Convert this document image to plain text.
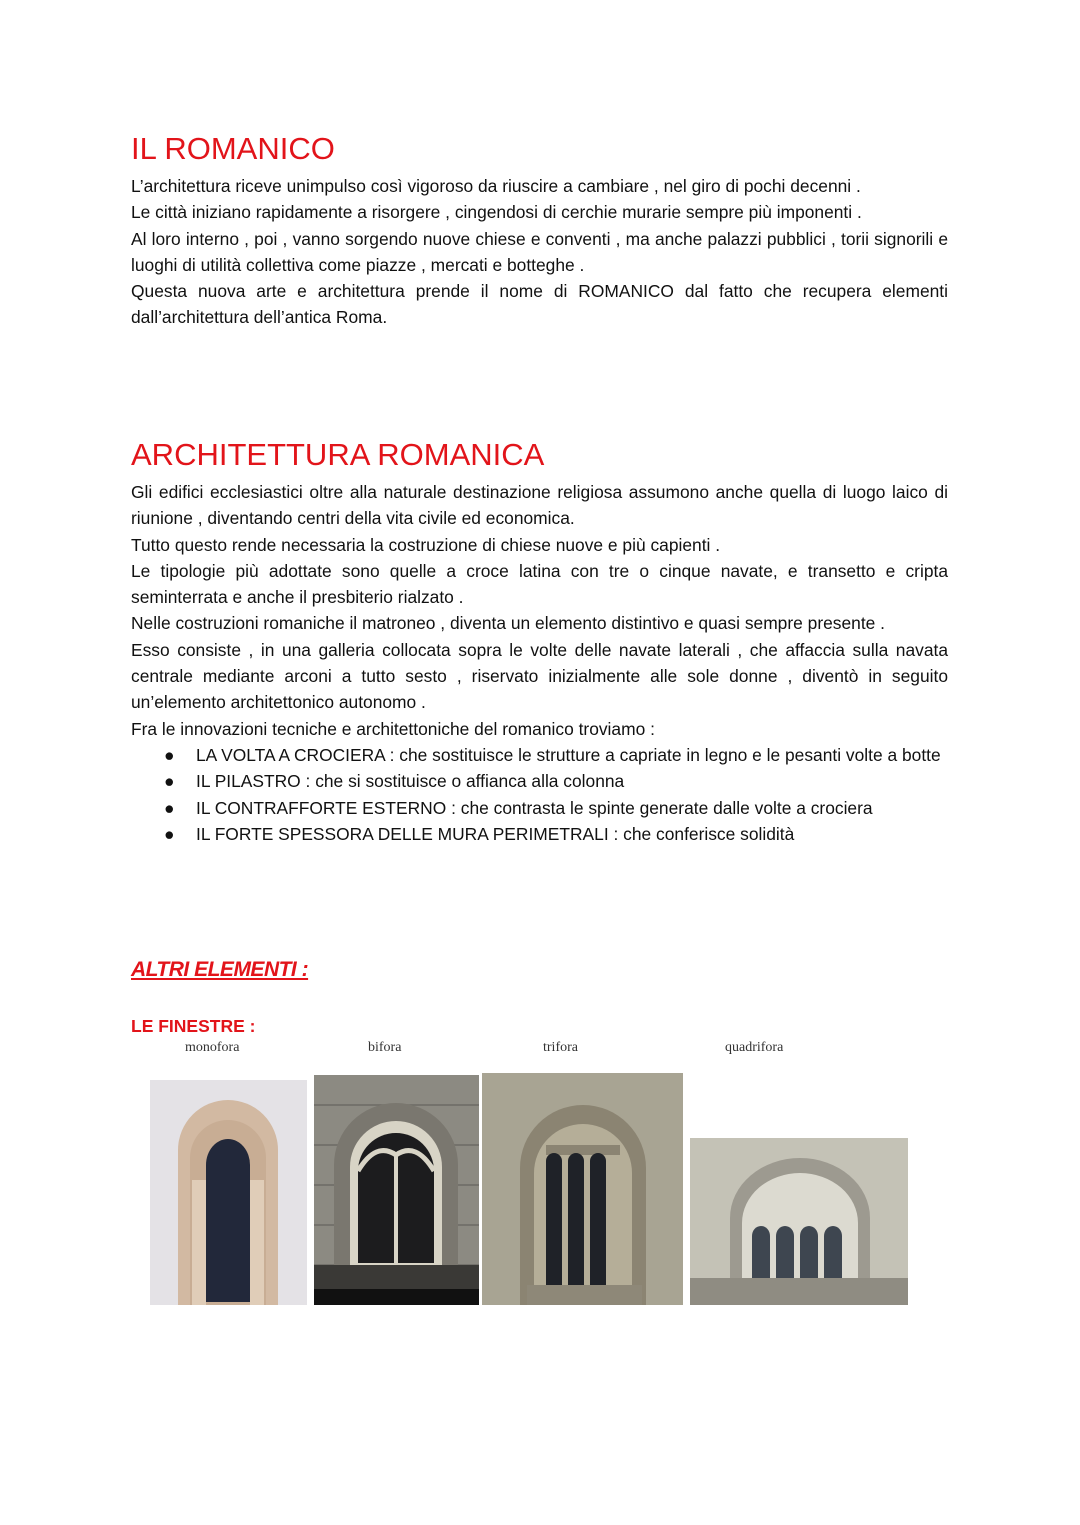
IL ROMANICO

L’architettura riceve unimpulso così vigoroso da riuscire a cambiare , nel giro di pochi decenni .

Le città iniziano rapidamente a risorgere , cingendosi di cerchie murarie sempre più imponenti .

Al loro interno , poi , vanno sorgendo nuove chiese e conventi , ma anche palazzi pubblici , torii signorili e luoghi di utilità collettiva come piazze , mercati e botteghe .

Questa nuova arte e architettura prende il nome di ROMANICO dal fatto che recupera elementi dall’architettura dell’antica Roma.

ARCHITETTURA ROMANICA

Gli edifici ecclesiastici oltre alla naturale destinazione religiosa assumono anche quella di luogo laico di riunione , diventando centri della vita civile ed economica.

Tutto questo rende necessaria la costruzione di chiese nuove e più capienti .

Le tipologie più adottate sono quelle a croce latina con tre o cinque navate, e transetto e cripta seminterrata e anche il presbiterio rialzato .

Nelle costruzioni romaniche il matroneo , diventa un elemento distintivo e quasi sempre presente .

Esso consiste , in una galleria collocata sopra le volte delle navate laterali , che affaccia sulla navata centrale mediante arconi a tutto sesto , riservato inizialmente alle sole donne , diventò in seguito un’elemento architettonico autonomo .

Fra le innovazioni tecniche e architettoniche del romanico troviamo :

● LA VOLTA A CROCIERA : che sostituisce le strutture a capriate in legno e le pesanti volte a botte
● IL PILASTRO : che si sostituisce o affianca alla colonna
● IL CONTRAFFORTE ESTERNO : che contrasta le spinte generate dalle volte a crociera
● IL FORTE SPESSORA DELLE MURA PERIMETRALI : che conferisce solidità
ALTRI ELEMENTI :
LE FINESTRE :
monofora	bifora	trifora	quadrifora
